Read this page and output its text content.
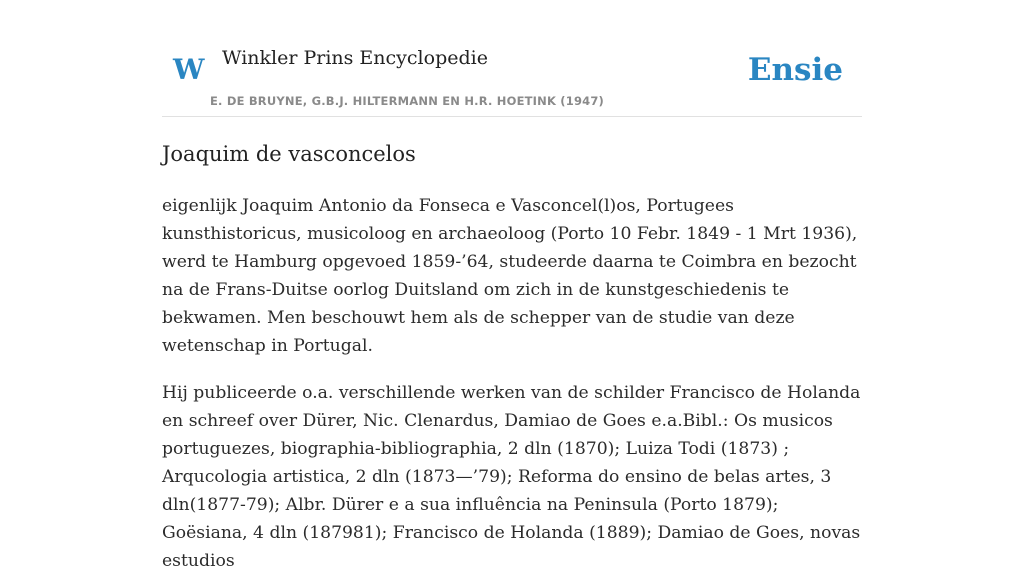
W Winkler Prins Encyclopedie
E. DE BRUYNE, G.B.J. HILTERMANN EN H.R. HOETINK (1947)
Ensie
Joaquim de vasconcelos

eigenlijk Joaquim Antonio da Fonseca e Vasconcel(l)os, Portugees kunsthistoricus, musicoloog en archaeoloog (Porto 10 Febr. 1849 - 1 Mrt 1936), werd te Hamburg opgevoed 1859-’64, studeerde daarna te Coimbra en bezocht na de Frans-Duitse oorlog Duitsland om zich in de kunstgeschiedenis te bekwamen. Men beschouwt hem als de schepper van de studie van deze wetenschap in Portugal.

Hij publiceerde o.a. verschillende werken van de schilder Francisco de Holanda en schreef over Dürer, Nic. Clenardus, Damiao de Goes e.a.Bibl.: Os musicos portuguezes, biographia-bibliographia, 2 dln (1870); Luiza Todi (1873) ; Arqucologia artistica, 2 dln (1873—’79); Reforma do ensino de belas artes, 3 dln(1877-79); Albr. Dürer e a sua influência na Peninsula (Porto 1879); Goësiana, 4 dln (187981); Francisco de Holanda (1889); Damiao de Goes, novas estudios
